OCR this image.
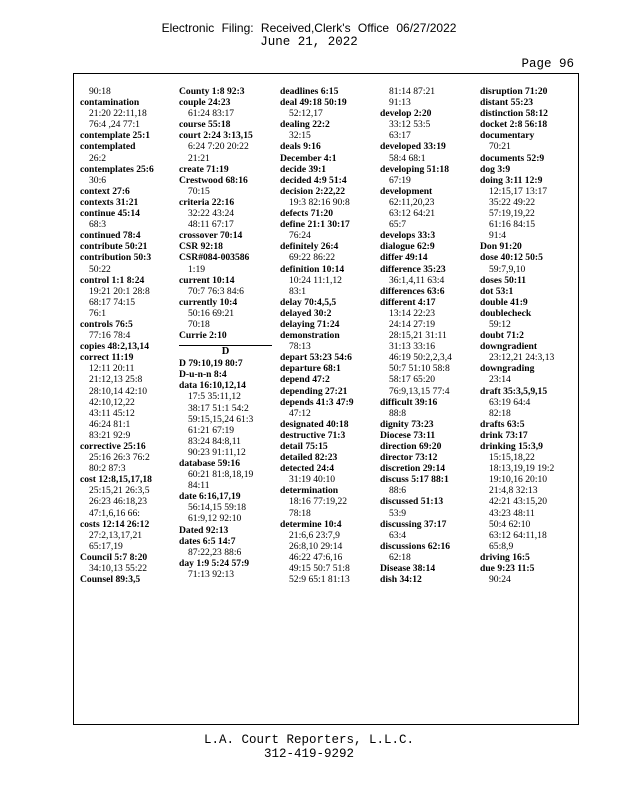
Electronic Filing: Received,Clerk's Office 06/27/2022
June 21, 2022
Page 96
90:18
contamination
21:20 22:11,18
76:4 ,24 77:1
contemplate 25:1
contemplated
26:2
contemplates 25:6
30:6
context 27:6
contexts 31:21
continue 45:14
68:3
continued 78:4
contribute 50:21
contribution 50:3
50:22
control 1:1 8:24
19:21 20:1 28:8
68:17 74:15
76:1
controls 76:5
77:16 78:4
copies 48:2,13,14
correct 11:19
12:11 20:11
21:12,13 25:8
28:10,14 42:10
42:10,12,22
43:11 45:12
46:24 81:1
83:21 92:9
corrective 25:16
25:16 26:3 76:2
80:2 87:3
cost 12:8,15,17,18
25:15,21 26:3,5
26:23 46:18,23
47:1,6,16 66:
costs 12:14 26:12
27:2,13,17,21
65:17,19
Council 5:7 8:20
34:10,13 55:22
Counsel 89:3,5
County 1:8 92:3
couple 24:23
61:24 83:17
course 55:18
court 2:24 3:13,15
6:24 7:20 20:22
21:21
create 71:19
Crestwood 68:16
70:15
criteria 22:16
32:22 43:24
48:11 67:17
crossover 70:14
CSR 92:18
CSR#084-003586
1:19
current 10:14
70:7 76:3 84:6
currently 10:4
50:16 69:21
70:18
Currie 2:10
D
D 79:10,19 80:7
D-u-n-n 8:4
data 16:10,12,14
17:5 35:11,12
38:17 51:1 54:2
59:15,15,24 61:3
61:21 67:19
83:24 84:8,11
90:23 91:11,12
database 59:16
60:21 81:8,18,19
84:11
date 6:16,17,19
56:14,15 59:18
61:9,12 92:10
Dated 92:13
dates 6:5 14:7
87:22,23 88:6
day 1:9 5:24 57:9
71:13 92:13
deadlines 6:15
deal 49:18 50:19
52:12,17
dealing 22:2
32:15
deals 9:16
December 4:1
decide 39:1
decided 4:9 51:4
decision 2:22,22
19:3 82:16 90:8
defects 71:20
define 21:1 30:17
76:24
definitely 26:4
69:22 86:22
definition 10:14
10:24 11:1,12
83:1
delay 70:4,5,5
delayed 30:2
delaying 71:24
demonstration
78:13
depart 53:23 54:6
departure 68:1
depend 47:2
depending 27:21
depends 41:3 47:9
47:12
designated 40:18
destructive 71:3
detail 75:15
detailed 82:23
detected 24:4
31:19 40:10
determination
18:16 77:19,22
78:18
determine 10:4
21:6,6 23:7,9
26:8,10 29:14
46:22 47:6,16
49:15 50:7 51:8
52:9 65:1 81:13
81:14 87:21
91:13
develop 2:20
33:12 53:5
63:17
developed 33:19
58:4 68:1
developing 51:18
67:19
development
62:11,20,23
63:12 64:21
65:7
develops 33:3
dialogue 62:9
differ 49:14
difference 35:23
36:1,4,11 63:4
differences 63:6
different 4:17
13:14 22:23
24:14 27:19
28:15,21 31:11
31:13 33:16
46:19 50:2,2,3,4
50:7 51:10 58:8
58:17 65:20
76:9,13,15 77:4
difficult 39:16
88:8
dignity 73:23
Diocese 73:11
direction 69:20
director 73:12
discretion 29:14
discuss 5:17 88:1
88:6
discussed 51:13
53:9
discussing 37:17
63:4
discussions 62:16
62:18
Disease 38:14
dish 34:12
disruption 71:20
distant 55:23
distinction 58:12
docket 2:8 56:18
documentary
70:21
documents 52:9
dog 3:9
doing 3:11 12:9
12:15,17 13:17
35:22 49:22
57:19,19,22
61:16 84:15
91:4
Don 91:20
dose 40:12 50:5
59:7,9,10
doses 50:11
dot 53:1
double 41:9
doublecheck
59:12
doubt 71:2
downgradient
23:12,21 24:3,13
downgrading
23:14
draft 35:3,5,9,15
63:19 64:4
82:18
drafts 63:5
drink 73:17
drinking 15:3,9
15:15,18,22
18:13,19,19 19:2
19:10,16 20:10
21:4,8 32:13
42:21 43:15,20
43:23 48:11
50:4 62:10
63:12 64:11,18
65:8,9
driving 16:5
due 9:23 11:5
90:24
L.A. Court Reporters, L.L.C.
312-419-9292
